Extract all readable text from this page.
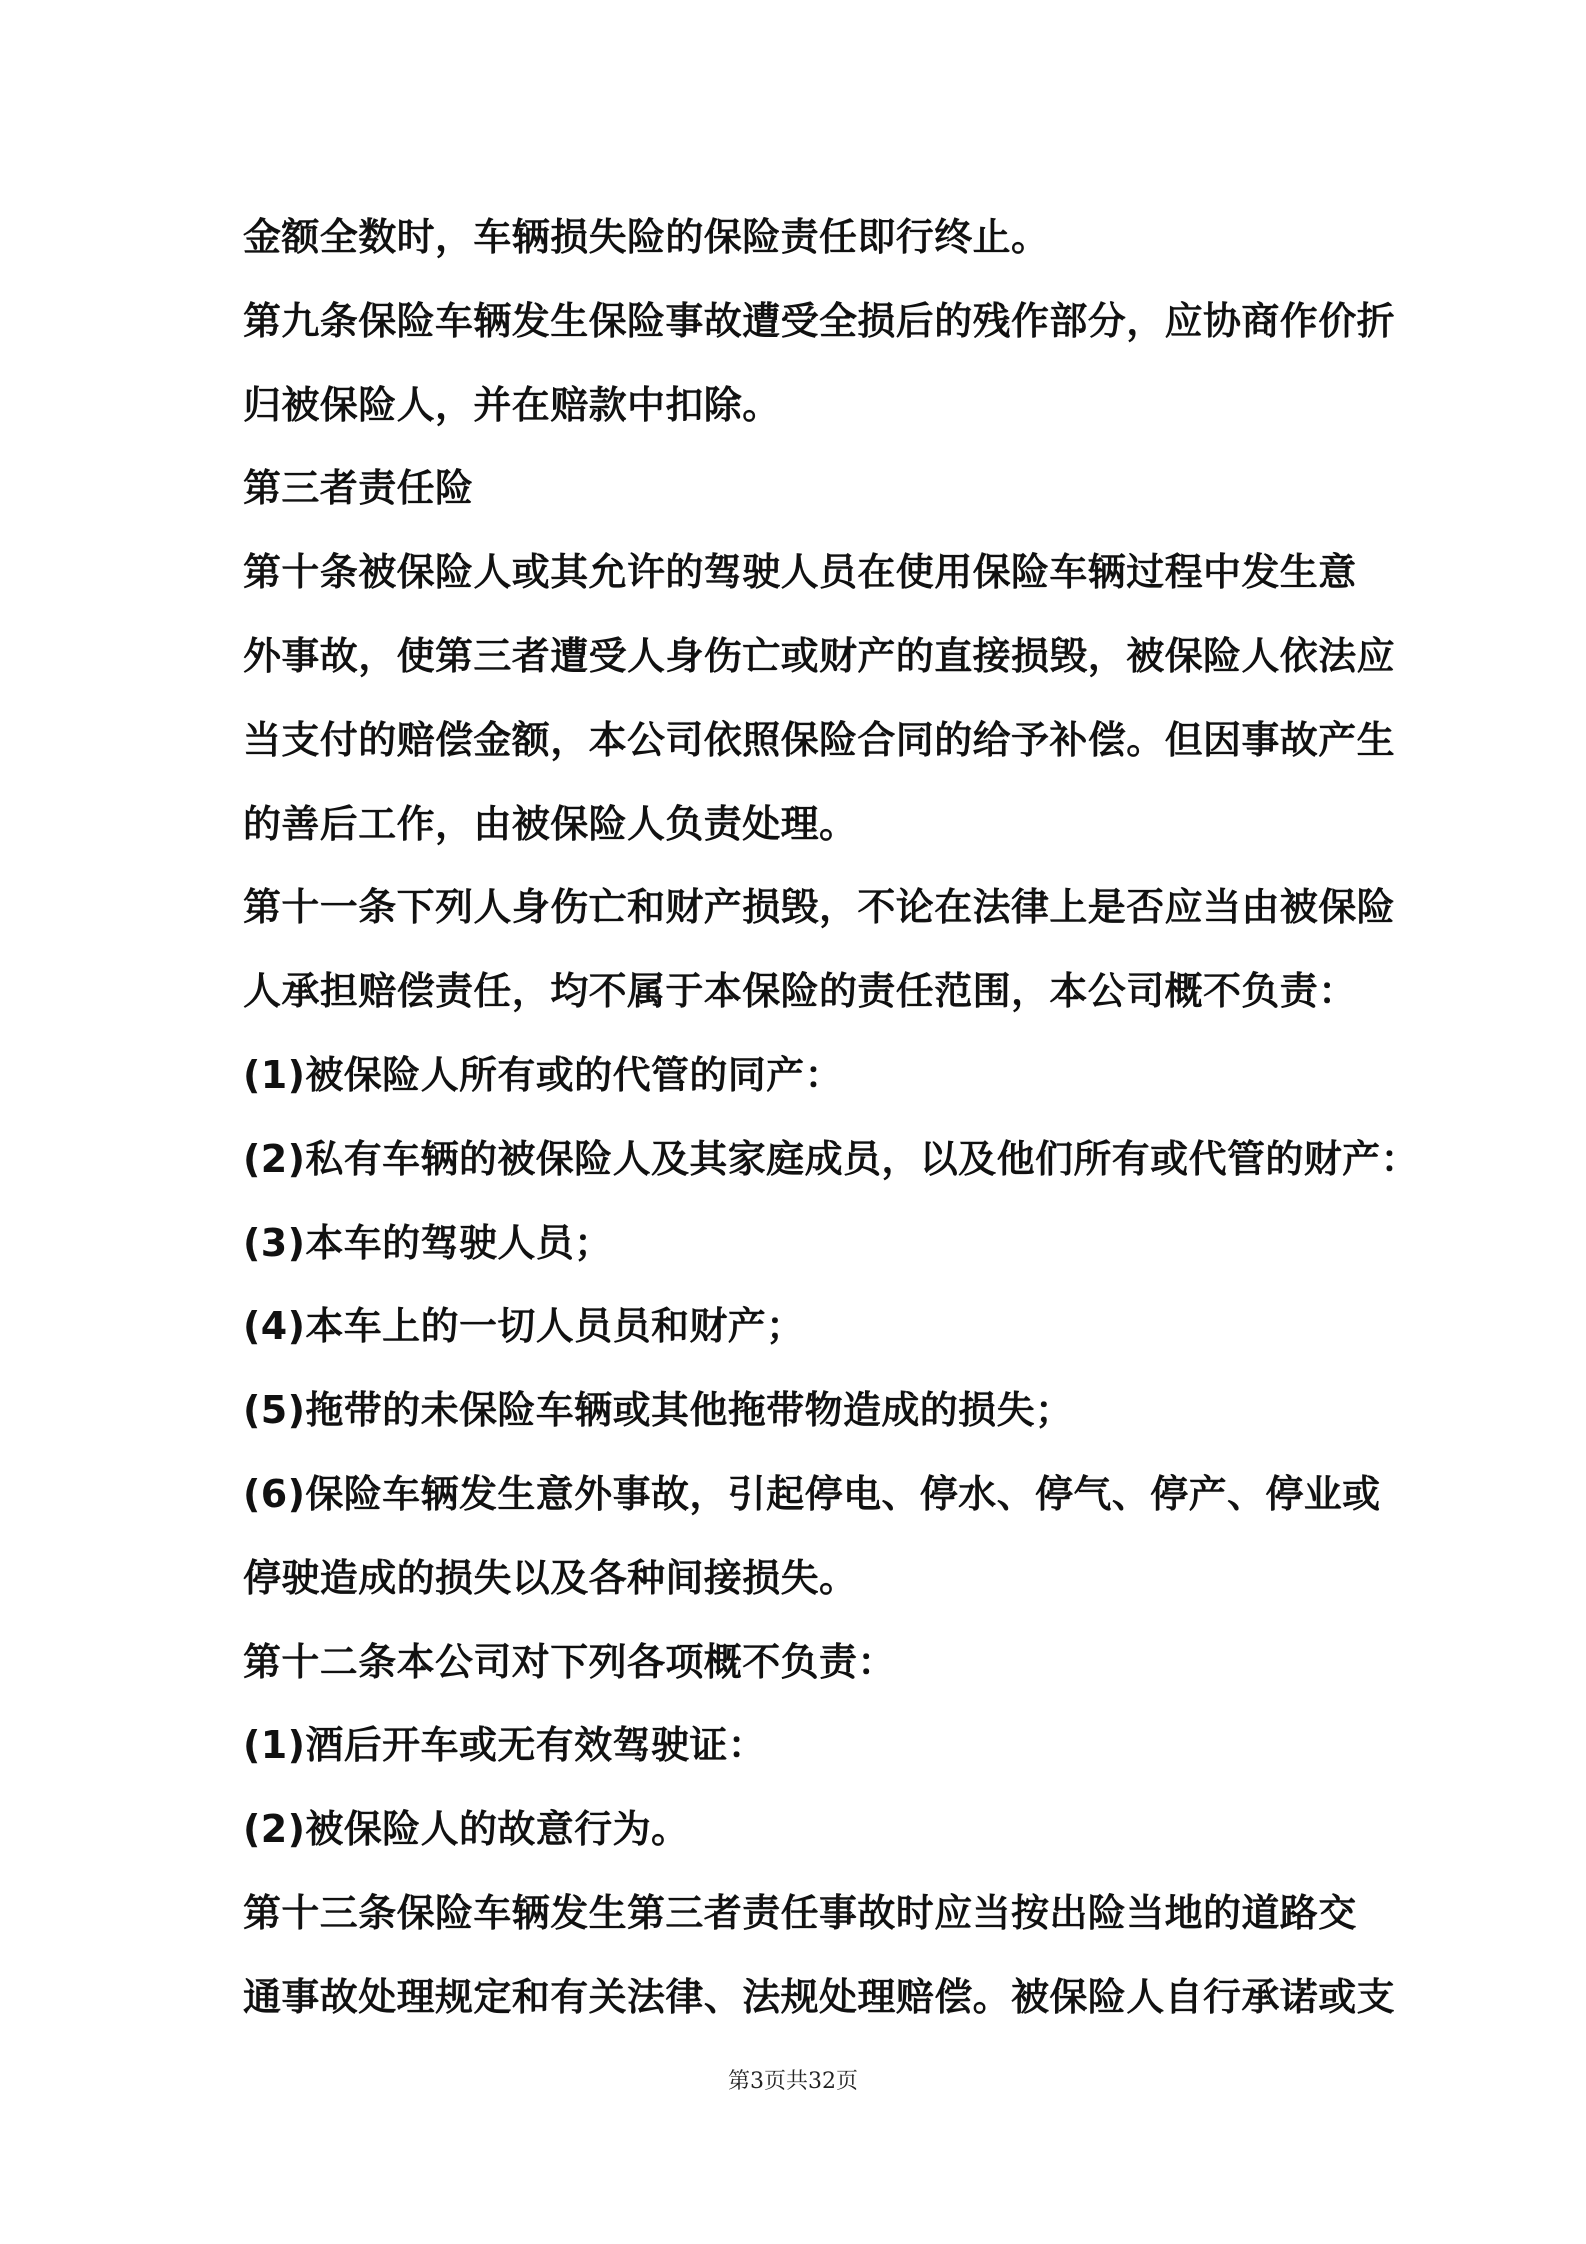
金额全数时，车辆损失险的保险责任即行终止。
第九条保险车辆发生保险事故遭受全损后的残作部分，应协商作价折
归被保险人，并在赔款中扣除。
第三者责任险
第十条被保险人或其允许的驾驶人员在使用保险车辆过程中发生意
外事故，使第三者遭受人身伤亡或财产的直接损毁，被保险人依法应
当支付的赔偿金额，本公司依照保险合同的给予补偿。但因事故产生
的善后工作，由被保险人负责处理。
第十一条下列人身伤亡和财产损毁，不论在法律上是否应当由被保险
人承担赔偿责任，均不属于本保险的责任范围，本公司概不负责：
(1)被保险人所有或的代管的同产：
(2)私有车辆的被保险人及其家庭成员，以及他们所有或代管的财产：
(3)本车的驾驶人员；
(4)本车上的一切人员员和财产；
(5)拖带的未保险车辆或其他拖带物造成的损失；
(6)保险车辆发生意外事故，引起停电、停水、停气、停产、停业或
停驶造成的损失以及各种间接损失。
第十二条本公司对下列各项概不负责：
(1)酒后开车或无有效驾驶证：
(2)被保险人的故意行为。
第十三条保险车辆发生第三者责任事故时应当按出险当地的道路交
通事故处理规定和有关法律、法规处理赔偿。被保险人自行承诺或支
第3页共32页
